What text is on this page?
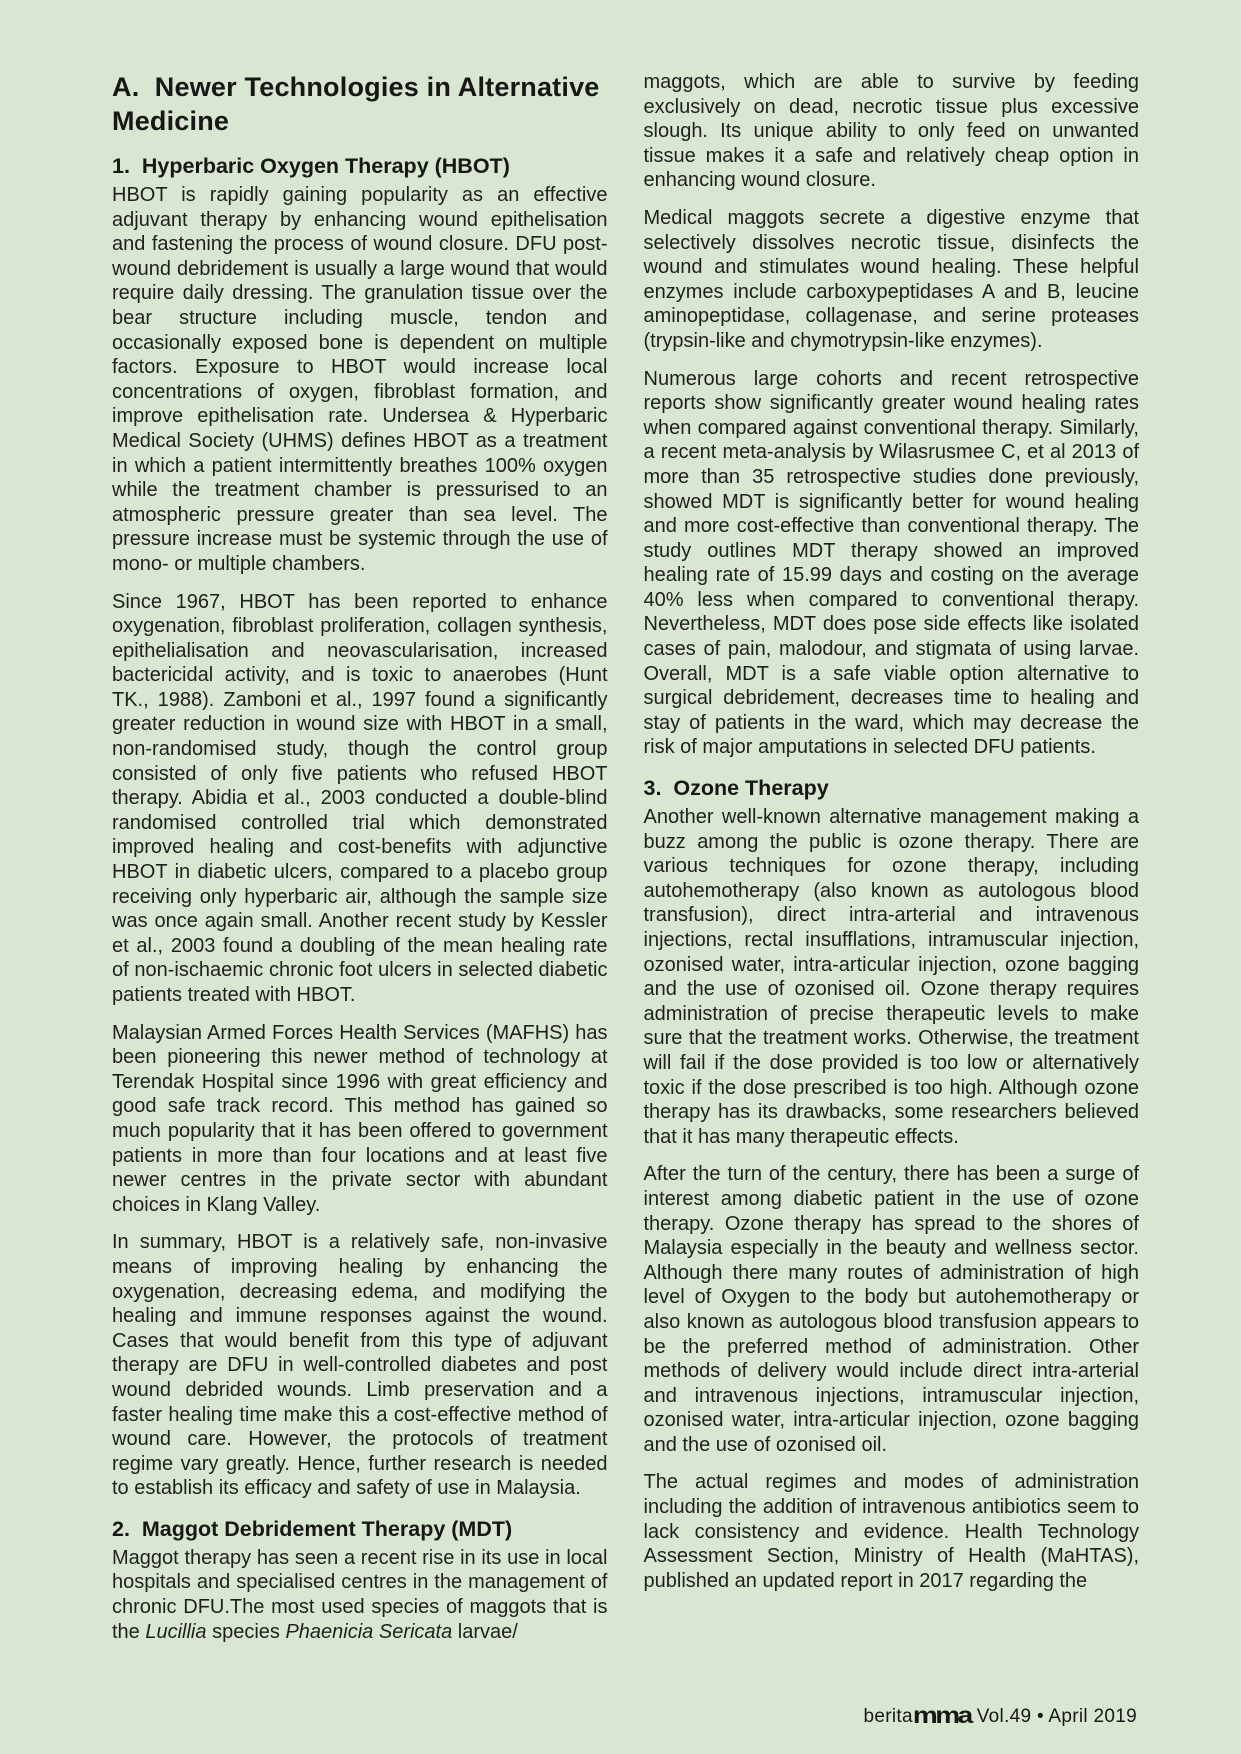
A.  Newer Technologies in Alternative Medicine
1.  Hyperbaric Oxygen Therapy (HBOT)

HBOT is rapidly gaining popularity as an effective adjuvant therapy by enhancing wound epithelisation and fastening the process of wound closure. DFU post-wound debridement is usually a large wound that would require daily dressing. The granulation tissue over the bear structure including muscle, tendon and occasionally exposed bone is dependent on multiple factors. Exposure to HBOT would increase local concentrations of oxygen, fibroblast formation, and improve epithelisation rate. Undersea & Hyperbaric Medical Society (UHMS) defines HBOT as a treatment in which a patient intermittently breathes 100% oxygen while the treatment chamber is pressurised to an atmospheric pressure greater than sea level. The pressure increase must be systemic through the use of mono- or multiple chambers.

Since 1967, HBOT has been reported to enhance oxygenation, fibroblast proliferation, collagen synthesis, epithelialisation and neovascularisation, increased bactericidal activity, and is toxic to anaerobes (Hunt TK., 1988). Zamboni et al., 1997 found a significantly greater reduction in wound size with HBOT in a small, non-randomised study, though the control group consisted of only five patients who refused HBOT therapy. Abidia et al., 2003 conducted a double-blind randomised controlled trial which demonstrated improved healing and cost-benefits with adjunctive HBOT in diabetic ulcers, compared to a placebo group receiving only hyperbaric air, although the sample size was once again small. Another recent study by Kessler et al., 2003 found a doubling of the mean healing rate of non-ischaemic chronic foot ulcers in selected diabetic patients treated with HBOT.

Malaysian Armed Forces Health Services (MAFHS) has been pioneering this newer method of technology at Terendak Hospital since 1996 with great efficiency and good safe track record. This method has gained so much popularity that it has been offered to government patients in more than four locations and at least five newer centres in the private sector with abundant choices in Klang Valley.

In summary, HBOT is a relatively safe, non-invasive means of improving healing by enhancing the oxygenation, decreasing edema, and modifying the healing and immune responses against the wound. Cases that would benefit from this type of adjuvant therapy are DFU in well-controlled diabetes and post wound debrided wounds. Limb preservation and a faster healing time make this a cost-effective method of wound care. However, the protocols of treatment regime vary greatly. Hence, further research is needed to establish its efficacy and safety of use in Malaysia.

2.  Maggot Debridement Therapy (MDT)

Maggot therapy has seen a recent rise in its use in local hospitals and specialised centres in the management of chronic DFU.The most used species of maggots that is the Lucillia species Phaenicia Sericata larvae/

maggots, which are able to survive by feeding exclusively on dead, necrotic tissue plus excessive slough. Its unique ability to only feed on unwanted tissue makes it a safe and relatively cheap option in enhancing wound closure.

Medical maggots secrete a digestive enzyme that selectively dissolves necrotic tissue, disinfects the wound and stimulates wound healing. These helpful enzymes include carboxypeptidases A and B, leucine aminopeptidase, collagenase, and serine proteases (trypsin-like and chymotrypsin-like enzymes).

Numerous large cohorts and recent retrospective reports show significantly greater wound healing rates when compared against conventional therapy. Similarly, a recent meta-analysis by Wilasrusmee C, et al 2013 of more than 35 retrospective studies done previously, showed MDT is significantly better for wound healing and more cost-effective than conventional therapy. The study outlines MDT therapy showed an improved healing rate of 15.99 days and costing on the average 40% less when compared to conventional therapy. Nevertheless, MDT does pose side effects like isolated cases of pain, malodour, and stigmata of using larvae. Overall, MDT is a safe viable option alternative to surgical debridement, decreases time to healing and stay of patients in the ward, which may decrease the risk of major amputations in selected DFU patients.

3.  Ozone Therapy

Another well-known alternative management making a buzz among the public is ozone therapy. There are various techniques for ozone therapy, including autohemotherapy (also known as autologous blood transfusion), direct intra-arterial and intravenous injections, rectal insufflations, intramuscular injection, ozonised water, intra-articular injection, ozone bagging and the use of ozonised oil. Ozone therapy requires administration of precise therapeutic levels to make sure that the treatment works. Otherwise, the treatment will fail if the dose provided is too low or alternatively toxic if the dose prescribed is too high. Although ozone therapy has its drawbacks, some researchers believed that it has many therapeutic effects.

After the turn of the century, there has been a surge of interest among diabetic patient in the use of ozone therapy. Ozone therapy has spread to the shores of Malaysia especially in the beauty and wellness sector. Although there many routes of administration of high level of Oxygen to the body but autohemotherapy or also known as autologous blood transfusion appears to be the preferred method of administration. Other methods of delivery would include direct intra-arterial and intravenous injections, intramuscular injection, ozonised water, intra-articular injection, ozone bagging and the use of ozonised oil.

The actual regimes and modes of administration including the addition of intravenous antibiotics seem to lack consistency and evidence. Health Technology Assessment Section, Ministry of Health (MaHTAS), published an updated report in 2017 regarding the

berita mma Vol.49 • April 2019
